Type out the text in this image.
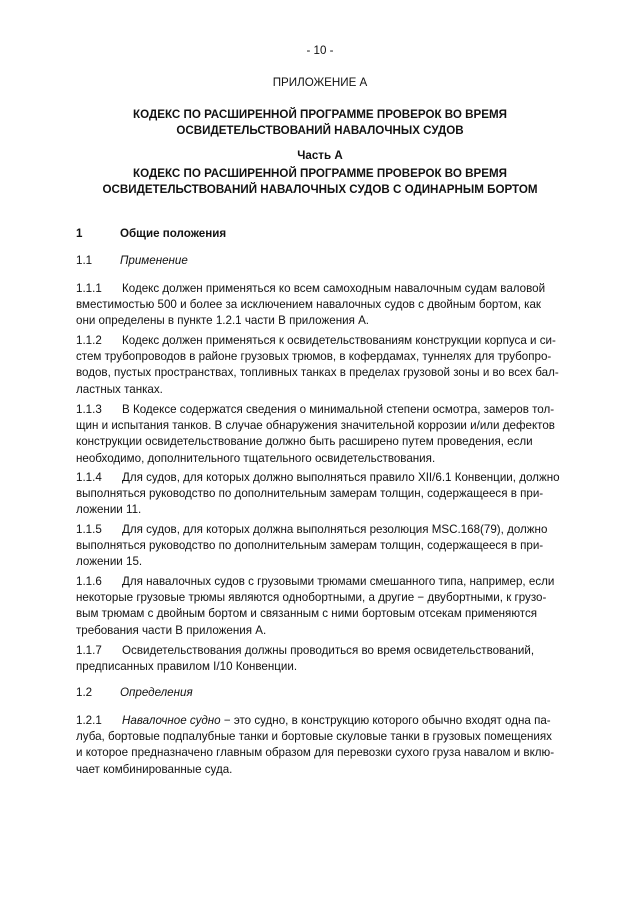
- 10 -
ПРИЛОЖЕНИЕ А
КОДЕКС ПО РАСШИРЕННОЙ ПРОГРАММЕ ПРОВЕРОК ВО ВРЕМЯ
ОСВИДЕТЕЛЬСТВОВАНИЙ НАВАЛОЧНЫХ СУДОВ
Часть А
КОДЕКС ПО РАСШИРЕННОЙ ПРОГРАММЕ ПРОВЕРОК ВО ВРЕМЯ
ОСВИДЕТЕЛЬСТВОВАНИЙ НАВАЛОЧНЫХ СУДОВ С ОДИНАРНЫМ БОРТОМ
1	Общие положения
1.1	Применение
1.1.1 Кодекс должен применяться ко всем самоходным навалочным судам валовой
вместимостью 500 и более за исключением навалочных судов с двойным бортом, как
они определены в пункте 1.2.1 части В приложения А.
1.1.2 Кодекс должен применяться к освидетельствованиям конструкции корпуса и си-
стем трубопроводов в районе грузовых трюмов, в кофердамах, туннелях для трубопро-
водов, пустых пространствах, топливных танках в пределах грузовой зоны и во всех бал-
ластных танках.
1.1.3 В Кодексе содержатся сведения о минимальной степени осмотра, замеров тол-
щин и испытания танков. В случае обнаружения значительной коррозии и/или дефектов
конструкции освидетельствование должно быть расширено путем проведения, если
необходимо, дополнительного тщательного освидетельствования.
1.1.4 Для судов, для которых должно выполняться правило XII/6.1 Конвенции, должно
выполняться руководство по дополнительным замерам толщин, содержащееся в при-
ложении 11.
1.1.5 Для судов, для которых должна выполняться резолюция MSC.168(79), должно
выполняться руководство по дополнительным замерам толщин, содержащееся в при-
ложении 15.
1.1.6 Для навалочных судов с грузовыми трюмами смешанного типа, например, если
некоторые грузовые трюмы являются однобортными, а другие − двубортными, к грузо-
вым трюмам с двойным бортом и связанным с ними бортовым отсекам применяются
требования части В приложения А.
1.1.7 Освидетельствования должны проводиться во время освидетельствований,
предписанных правилом I/10 Конвенции.
1.2	Определения
1.2.1 Навалочное судно − это судно, в конструкцию которого обычно входят одна па-
луба, бортовые подпалубные танки и бортовые скуловые танки в грузовых помещениях
и которое предназначено главным образом для перевозки сухого груза навалом и вклю-
чает комбинированные суда.
